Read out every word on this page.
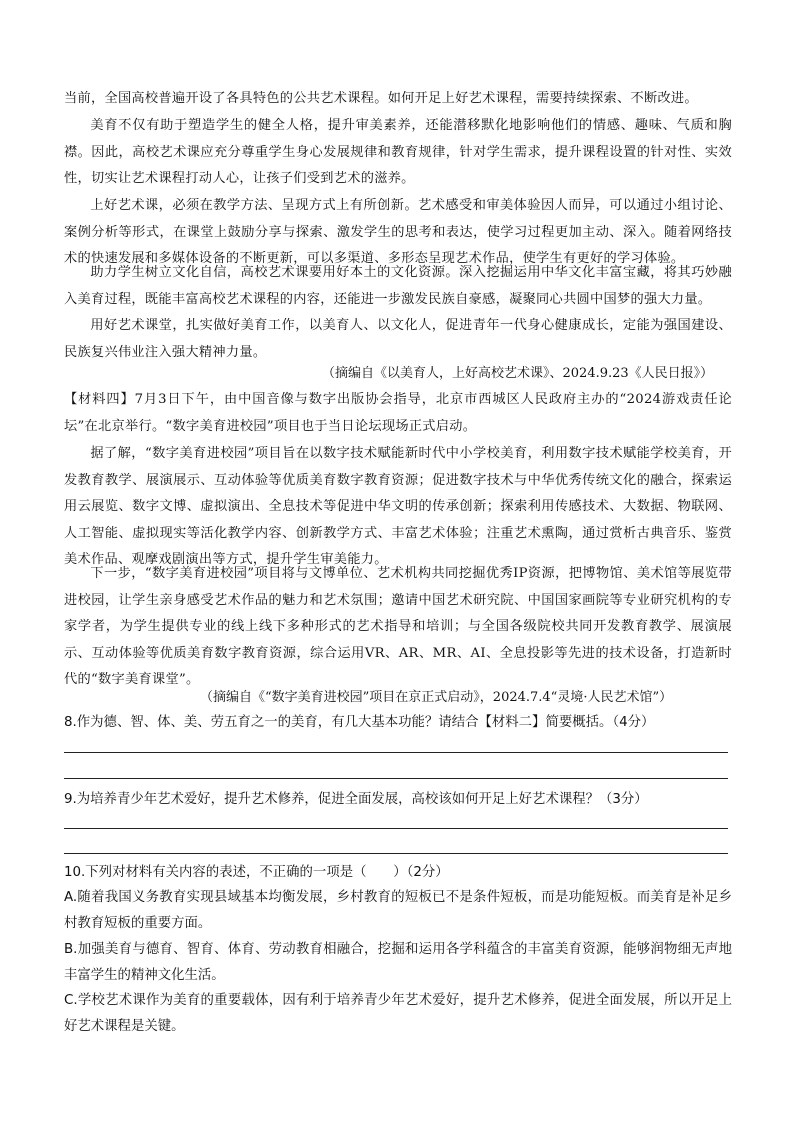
当前，全国高校普遍开设了各具特色的公共艺术课程。如何开足上好艺术课程，需要持续探索、不断改进。
美育不仅有助于塑造学生的健全人格，提升审美素养，还能潜移默化地影响他们的情感、趣味、气质和胸襟。因此，高校艺术课应充分尊重学生身心发展规律和教育规律，针对学生需求，提升课程设置的针对性、实效性，切实让艺术课程打动人心，让孩子们受到艺术的滋养。
上好艺术课，必须在教学方法、呈现方式上有所创新。艺术感受和审美体验因人而异，可以通过小组讨论、案例分析等形式，在课堂上鼓励分享与探索、激发学生的思考和表达，使学习过程更加主动、深入。随着网络技术的快速发展和多媒体设备的不断更新，可以多渠道、多形态呈现艺术作品，使学生有更好的学习体验。
助力学生树立文化自信，高校艺术课要用好本土的文化资源。深入挖掘运用中华文化丰富宝藏，将其巧妙融入美育过程，既能丰富高校艺术课程的内容，还能进一步激发民族自豪感，凝聚同心共圆中国梦的强大力量。
用好艺术课堂，扎实做好美育工作，以美育人、以文化人，促进青年一代身心健康成长，定能为强国建设、民族复兴伟业注入强大精神力量。
（摘编自《以美育人，上好高校艺术课》、2024.9.23《人民日报》）
【材料四】7月3日下午，由中国音像与数字出版协会指导，北京市西城区人民政府主办的“2024游戏责任论坛”在北京举行。“数字美育进校园”项目也于当日论坛现场正式启动。
据了解，“数字美育进校园”项目旨在以数字技术赋能新时代中小学校美育，利用数字技术赋能学校美育，开发教育教学、展演展示、互动体验等优质美育数字教育资源；促进数字技术与中华优秀传统文化的融合，探索运用云展览、数字文博、虚拟演出、全息技术等促进中华文明的传承创新；探索利用传感技术、大数据、物联网、人工智能、虚拟现实等活化教学内容、创新教学方式、丰富艺术体验；注重艺术熏陶，通过赏析古典音乐、鉴赏美术作品、观摩戏剧演出等方式，提升学生审美能力。
下一步，“数字美育进校园”项目将与文博单位、艺术机构共同挖掘优秀IP资源，把博物馆、美术馆等展览带进校园，让学生亲身感受艺术作品的魅力和艺术氛围；邀请中国艺术研究院、中国国家画院等专业研究机构的专家学者，为学生提供专业的线上线下多种形式的艺术指导和培训；与全国各级院校共同开发教育教学、展演展示、互动体验等优质美育数字教育资源，综合运用VR、AR、MR、AI、全息投影等先进的技术设备，打造新时代的“数字美育课堂”。
（摘编自《“数字美育进校园”项目在京正式启动》，2024.7.4“灵境·人民艺术馆”）
8.作为德、智、体、美、劳五育之一的美育，有几大基本功能？请结合【材料二】简要概括。（4分）
9.为培养青少年艺术爱好，提升艺术修养，促进全面发展，高校该如何开足上好艺术课程？（3分）
10.下列对材料有关内容的表述，不正确的一项是（　　）（2分）
A.随着我国义务教育实现县域基本均衡发展，乡村教育的短板已不是条件短板，而是功能短板。而美育是补足乡村教育短板的重要方面。
B.加强美育与德育、智育、体育、劳动教育相融合，挖掘和运用各学科蕴含的丰富美育资源，能够润物细无声地丰富学生的精神文化生活。
C.学校艺术课作为美育的重要载体，因有利于培养青少年艺术爱好，提升艺术修养，促进全面发展，所以开足上好艺术课程是关键。
